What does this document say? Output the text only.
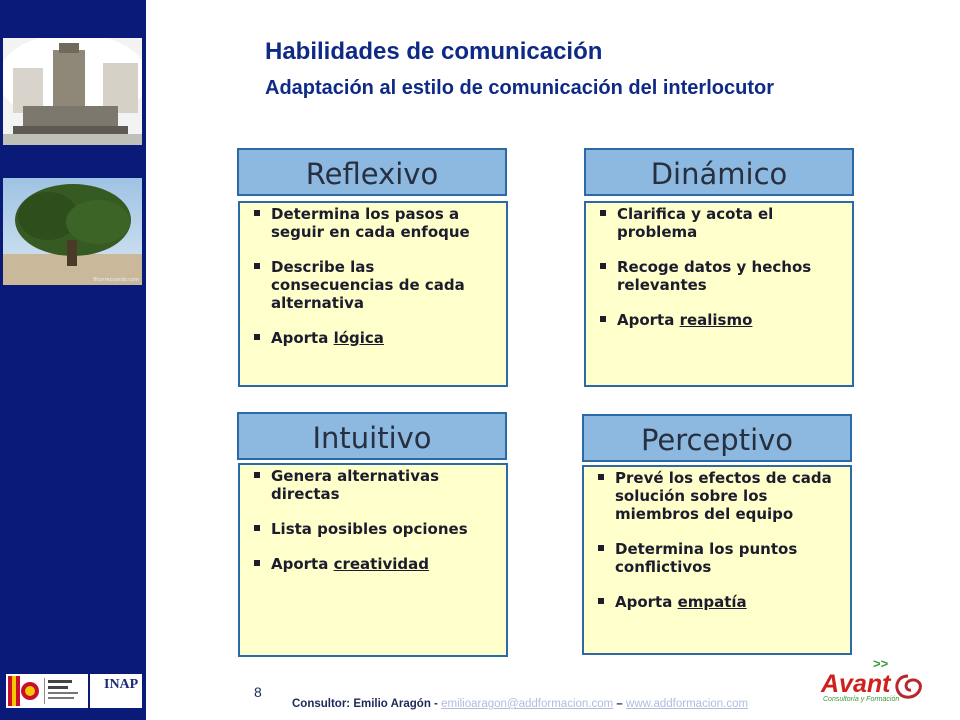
fitunrecuerdo.com
INAP
Habilidades de comunicación
Adaptación al estilo de comunicación del interlocutor
Reflexivo
Determina los pasos a seguir en cada enfoque
Describe las consecuencias de cada alternativa
Aporta lógica
Dinámico
Clarifica y acota el problema
Recoge datos y hechos relevantes
Aporta realismo
Intuitivo
Genera alternativas directas
Lista posibles opciones
Aporta creatividad
Perceptivo
Prevé los efectos de cada solución sobre los miembros del equipo
Determina los puntos conflictivos
Aporta empatía
8
Consultor: Emilio Aragón - emilioaragon@addformacion.com – www.addformacion.com
>>
Avant
Consultoría y Formación
